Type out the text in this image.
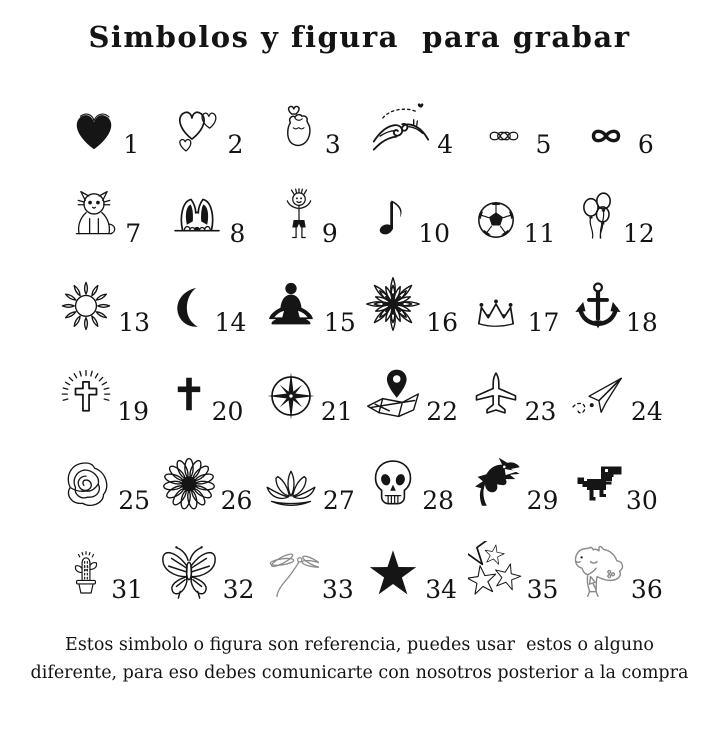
Simbolos y figura  para grabar
1	2	3	4	5	6
7	8	9	10	11	12
13	14	15	16	17	18
19	20	21	22	23	24
25	26	27	28	29	30
31	32	33	34	35	36
Estos simbolo o figura son referencia, puedes usar  estos o alguno
diferente, para eso debes comunicarte con nosotros posterior a la compra
